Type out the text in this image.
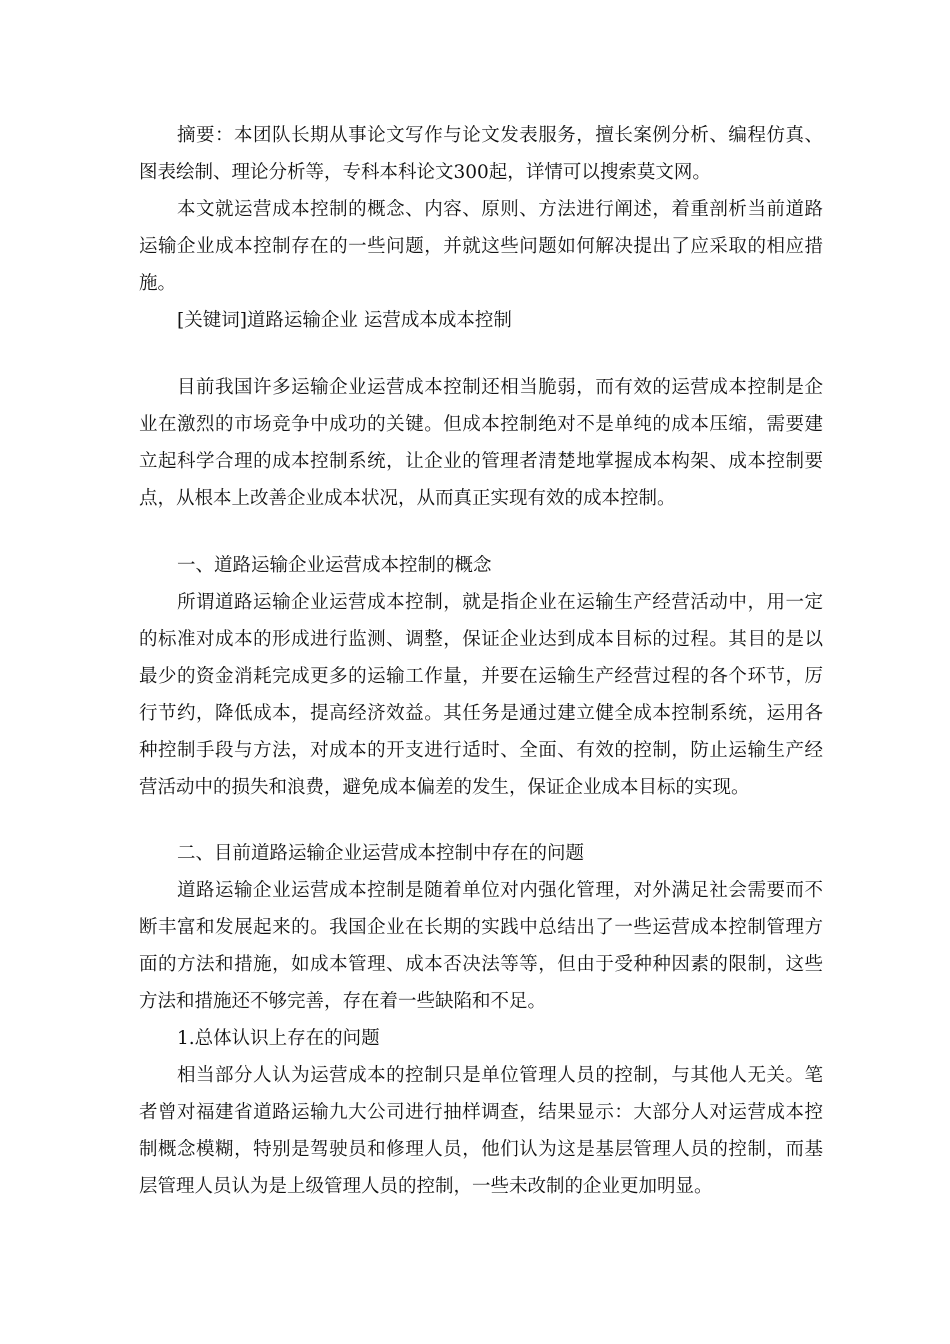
摘要：本团队长期从事论文写作与论文发表服务，擅长案例分析、编程仿真、图表绘制、理论分析等，专科本科论文300起，详情可以搜索莫文网。

本文就运营成本控制的概念、内容、原则、方法进行阐述，着重剖析当前道路运输企业成本控制存在的一些问题，并就这些问题如何解决提出了应采取的相应措施。

[关键词]道路运输企业 运营成本成本控制

目前我国许多运输企业运营成本控制还相当脆弱，而有效的运营成本控制是企业在激烈的市场竞争中成功的关键。但成本控制绝对不是单纯的成本压缩，需要建立起科学合理的成本控制系统，让企业的管理者清楚地掌握成本构架、成本控制要点，从根本上改善企业成本状况，从而真正实现有效的成本控制。

一、道路运输企业运营成本控制的概念

所谓道路运输企业运营成本控制，就是指企业在运输生产经营活动中，用一定的标准对成本的形成进行监测、调整，保证企业达到成本目标的过程。其目的是以最少的资金消耗完成更多的运输工作量，并要在运输生产经营过程的各个环节，厉行节约，降低成本，提高经济效益。其任务是通过建立健全成本控制系统，运用各种控制手段与方法，对成本的开支进行适时、全面、有效的控制，防止运输生产经营活动中的损失和浪费，避免成本偏差的发生，保证企业成本目标的实现。

二、目前道路运输企业运营成本控制中存在的问题

道路运输企业运营成本控制是随着单位对内强化管理，对外满足社会需要而不断丰富和发展起来的。我国企业在长期的实践中总结出了一些运营成本控制管理方面的方法和措施，如成本管理、成本否决法等等，但由于受种种因素的限制，这些方法和措施还不够完善，存在着一些缺陷和不足。

1.总体认识上存在的问题

相当部分人认为运营成本的控制只是单位管理人员的控制，与其他人无关。笔者曾对福建省道路运输九大公司进行抽样调查，结果显示：大部分人对运营成本控制概念模糊，特别是驾驶员和修理人员，他们认为这是基层管理人员的控制，而基层管理人员认为是上级管理人员的控制，一些未改制的企业更加明显。
